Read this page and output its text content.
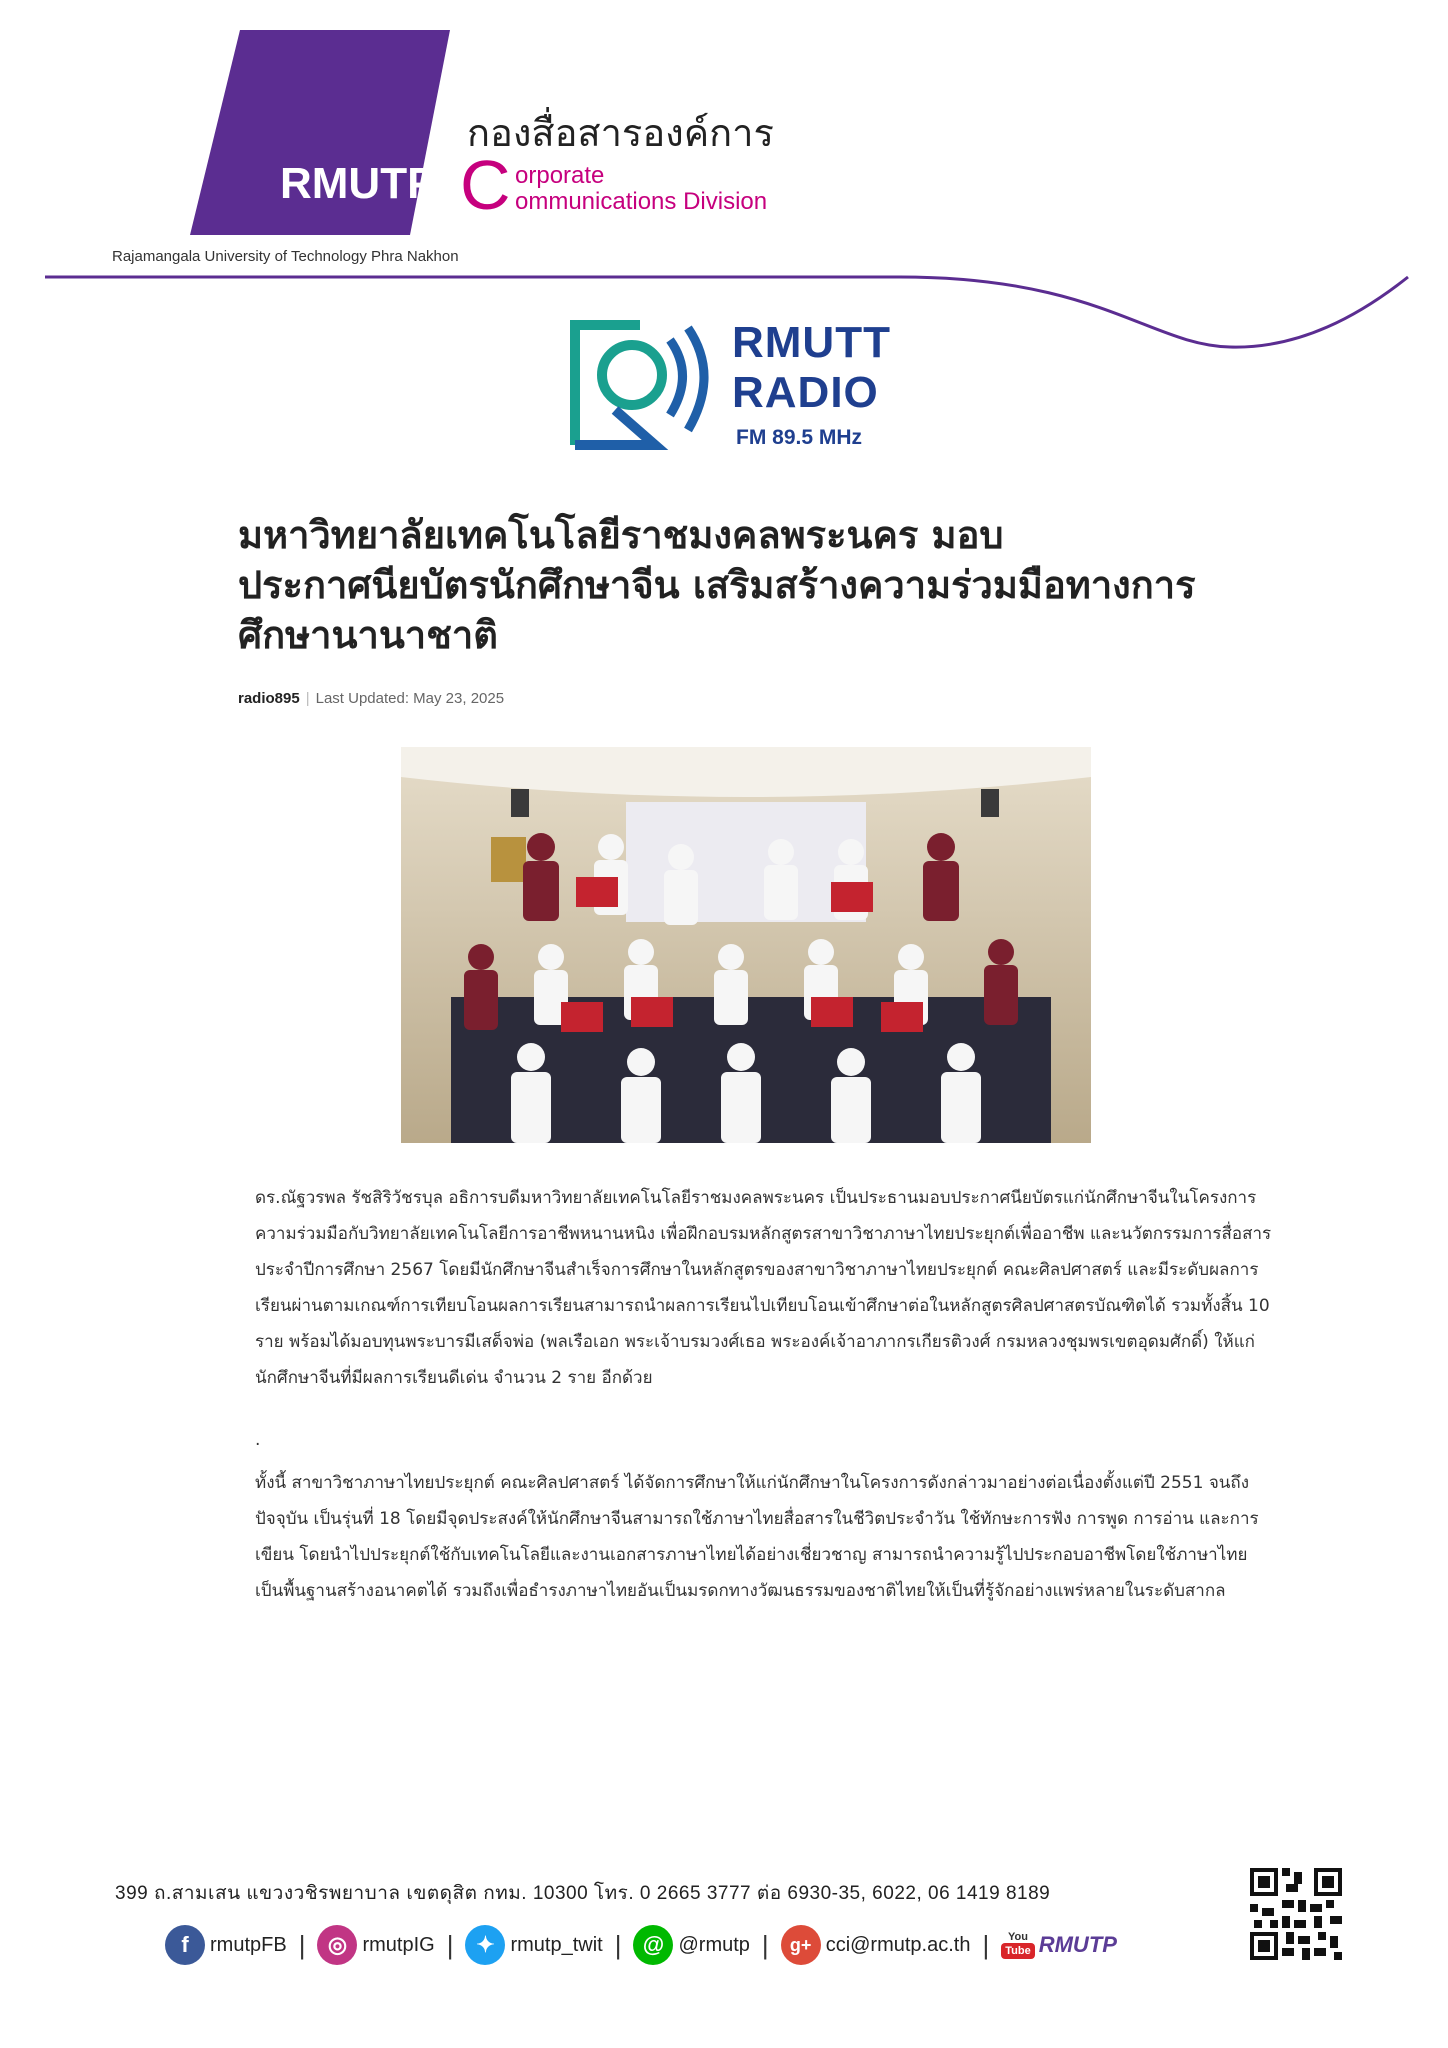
RMUTP
Rajamangala University of Technology Phra Nakhon
กองสื่อสารองค์การ
C orporate
ommunications Division
RMUTT
RADIO
FM 89.5 MHz
มหาวิทยาลัยเทคโนโลยีราชมงคลพระนคร มอบประกาศนียบัตรนักศึกษาจีน เสริมสร้างความร่วมมือทางการศึกษานานาชาติ
radio895 | Last Updated: May 23, 2025

ดร.ณัฐวรพล รัชสิริวัชรบุล อธิการบดีมหาวิทยาลัยเทคโนโลยีราชมงคลพระนคร เป็นประธานมอบประกาศนียบัตรแก่นักศึกษาจีนในโครงการความร่วมมือกับวิทยาลัยเทคโนโลยีการอาชีพหนานหนิง เพื่อฝึกอบรมหลักสูตรสาขาวิชาภาษาไทยประยุกต์เพื่ออาชีพ และนวัตกรรมการสื่อสาร ประจำปีการศึกษา 2567 โดยมีนักศึกษาจีนสำเร็จการศึกษาในหลักสูตรของสาขาวิชาภาษาไทยประยุกต์ คณะศิลปศาสตร์ และมีระดับผลการเรียนผ่านตามเกณฑ์การเทียบโอนผลการเรียนสามารถนำผลการเรียนไปเทียบโอนเข้าศึกษาต่อในหลักสูตรศิลปศาสตรบัณฑิตได้ รวมทั้งสิ้น 10 ราย พร้อมได้มอบทุนพระบารมีเสด็จพ่อ (พลเรือเอก พระเจ้าบรมวงศ์เธอ พระองค์เจ้าอาภากรเกียรติวงศ์ กรมหลวงชุมพรเขตอุดมศักดิ์) ให้แก่นักศึกษาจีนที่มีผลการเรียนดีเด่น จำนวน 2 ราย อีกด้วย

.

ทั้งนี้ สาขาวิชาภาษาไทยประยุกต์ คณะศิลปศาสตร์ ได้จัดการศึกษาให้แก่นักศึกษาในโครงการดังกล่าวมาอย่างต่อเนื่องตั้งแต่ปี 2551 จนถึงปัจจุบัน เป็นรุ่นที่ 18 โดยมีจุดประสงค์ให้นักศึกษาจีนสามารถใช้ภาษาไทยสื่อสารในชีวิตประจำวัน ใช้ทักษะการฟัง การพูด การอ่าน และการเขียน โดยนำไปประยุกต์ใช้กับเทคโนโลยีและงานเอกสารภาษาไทยได้อย่างเชี่ยวชาญ สามารถนำความรู้ไปประกอบอาชีพโดยใช้ภาษาไทยเป็นพื้นฐานสร้างอนาคตได้ รวมถึงเพื่อธำรงภาษาไทยอันเป็นมรดกทางวัฒนธรรมของชาติไทยให้เป็นที่รู้จักอย่างแพร่หลายในระดับสากล

399 ถ.สามเสน แขวงวชิรพยาบาล เขตดุสิต กทม. 10300 โทร. 0 2665 3777 ต่อ 6930-35, 6022, 06 1419 8189
f	rmutpFB |	◎ rmutpIG |	✦ rmutp_twit | @ @rmutp |	g+ cci@rmutp.ac.th | You
Tube RMUTP
